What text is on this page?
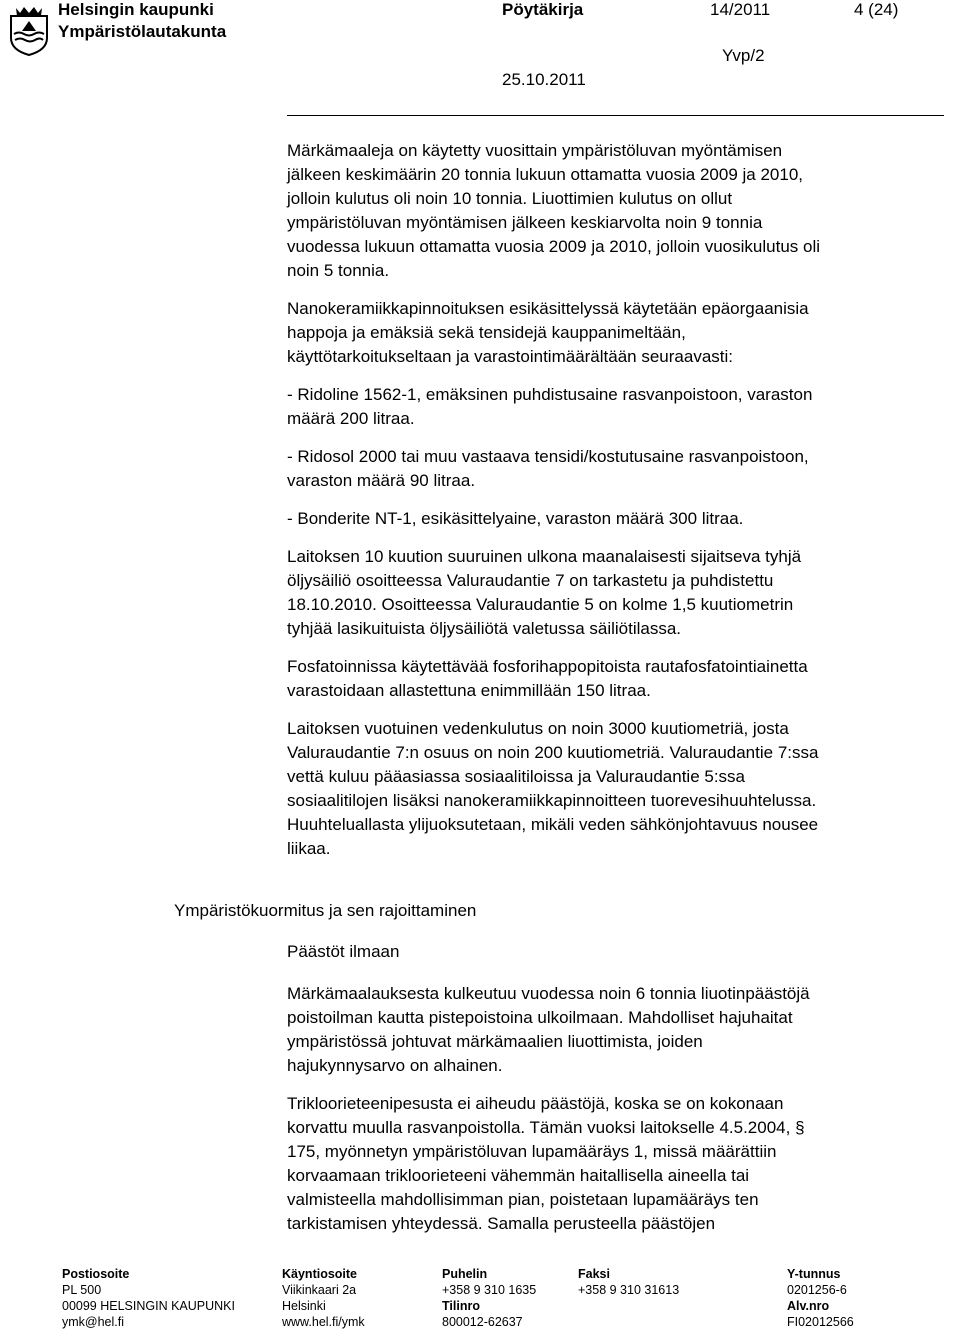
Helsingin kaupunki
Ympäristölautakunta
Pöytäkirja	14/2011	4 (24)
Yvp/2
25.10.2011

Märkämaaleja on käytetty vuosittain ympäristöluvan myöntämisen
jälkeen keskimäärin 20 tonnia lukuun ottamatta vuosia 2009 ja 2010,
jolloin kulutus oli noin 10 tonnia. Liuottimien kulutus on ollut
ympäristöluvan myöntämisen jälkeen keskiarvolta noin 9 tonnia
vuodessa lukuun ottamatta vuosia 2009 ja 2010, jolloin vuosikulutus oli
noin 5 tonnia.

Nanokeramiikkapinnoituksen esikäsittelyssä käytetään epäorgaanisia
happoja ja emäksiä sekä tensidejä kauppanimeltään,
käyttötarkoitukseltaan ja varastointimäärältään seuraavasti:

- Ridoline 1562-1, emäksinen puhdistusaine rasvanpoistoon, varaston
määrä 200 litraa.

- Ridosol 2000 tai muu vastaava tensidi/kostutusaine rasvanpoistoon,
varaston määrä 90 litraa.

- Bonderite NT-1, esikäsittelyaine, varaston määrä 300 litraa.

Laitoksen 10 kuution suuruinen ulkona maanalaisesti sijaitseva tyhjä
öljysäiliö osoitteessa Valuraudantie 7 on tarkastetu ja puhdistettu
18.10.2010. Osoitteessa Valuraudantie 5 on kolme 1,5 kuutiometrin
tyhjää lasikuituista öljysäiliötä valetussa säiliötilassa.

Fosfatoinnissa käytettävää fosforihappopitoista rautafosfatointiainetta
varastoidaan allastettuna enimmillään 150 litraa.

Laitoksen vuotuinen vedenkulutus on noin 3000 kuutiometriä, josta
Valuraudantie 7:n osuus on noin 200 kuutiometriä. Valuraudantie 7:ssa
vettä kuluu pääasiassa sosiaalitiloissa ja Valuraudantie 5:ssa
sosiaalitilojen lisäksi nanokeramiikkapinnoitteen tuorevesihuuhtelussa.
Huuhteluallasta ylijuoksutetaan, mikäli veden sähkönjohtavuus nousee
liikaa.

Ympäristökuormitus ja sen rajoittaminen
Päästöt ilmaan

Märkämaalauksesta kulkeutuu vuodessa noin 6 tonnia liuotinpäästöjä
poistoilman kautta pistepoistoina ulkoilmaan. Mahdolliset hajuhaitat
ympäristössä johtuvat märkämaalien liuottimista, joiden
hajukynnysarvo on alhainen.

Trikloorieteenipesusta ei aiheudu päästöjä, koska se on kokonaan
korvattu muulla rasvanpoistolla. Tämän vuoksi laitokselle 4.5.2004, §
175, myönnetyn ympäristöluvan lupamääräys 1, missä määrättiin
korvaamaan trikloorieteeni vähemmän haitallisella aineella tai
valmisteella mahdollisimman pian, poistetaan lupamääräys ten
tarkistamisen yhteydessä. Samalla perusteella päästöjen

Postiosoite
PL 500
00099 HELSINGIN KAUPUNKI
ymk@hel.fi
Käyntiosoite
Viikinkaari 2a
Helsinki
www.hel.fi/ymk
Puhelin
+358 9 310 1635
Tilinro
800012-62637
Faksi
+358 9 310 31613
Y-tunnus
0201256-6
Alv.nro
FI02012566
